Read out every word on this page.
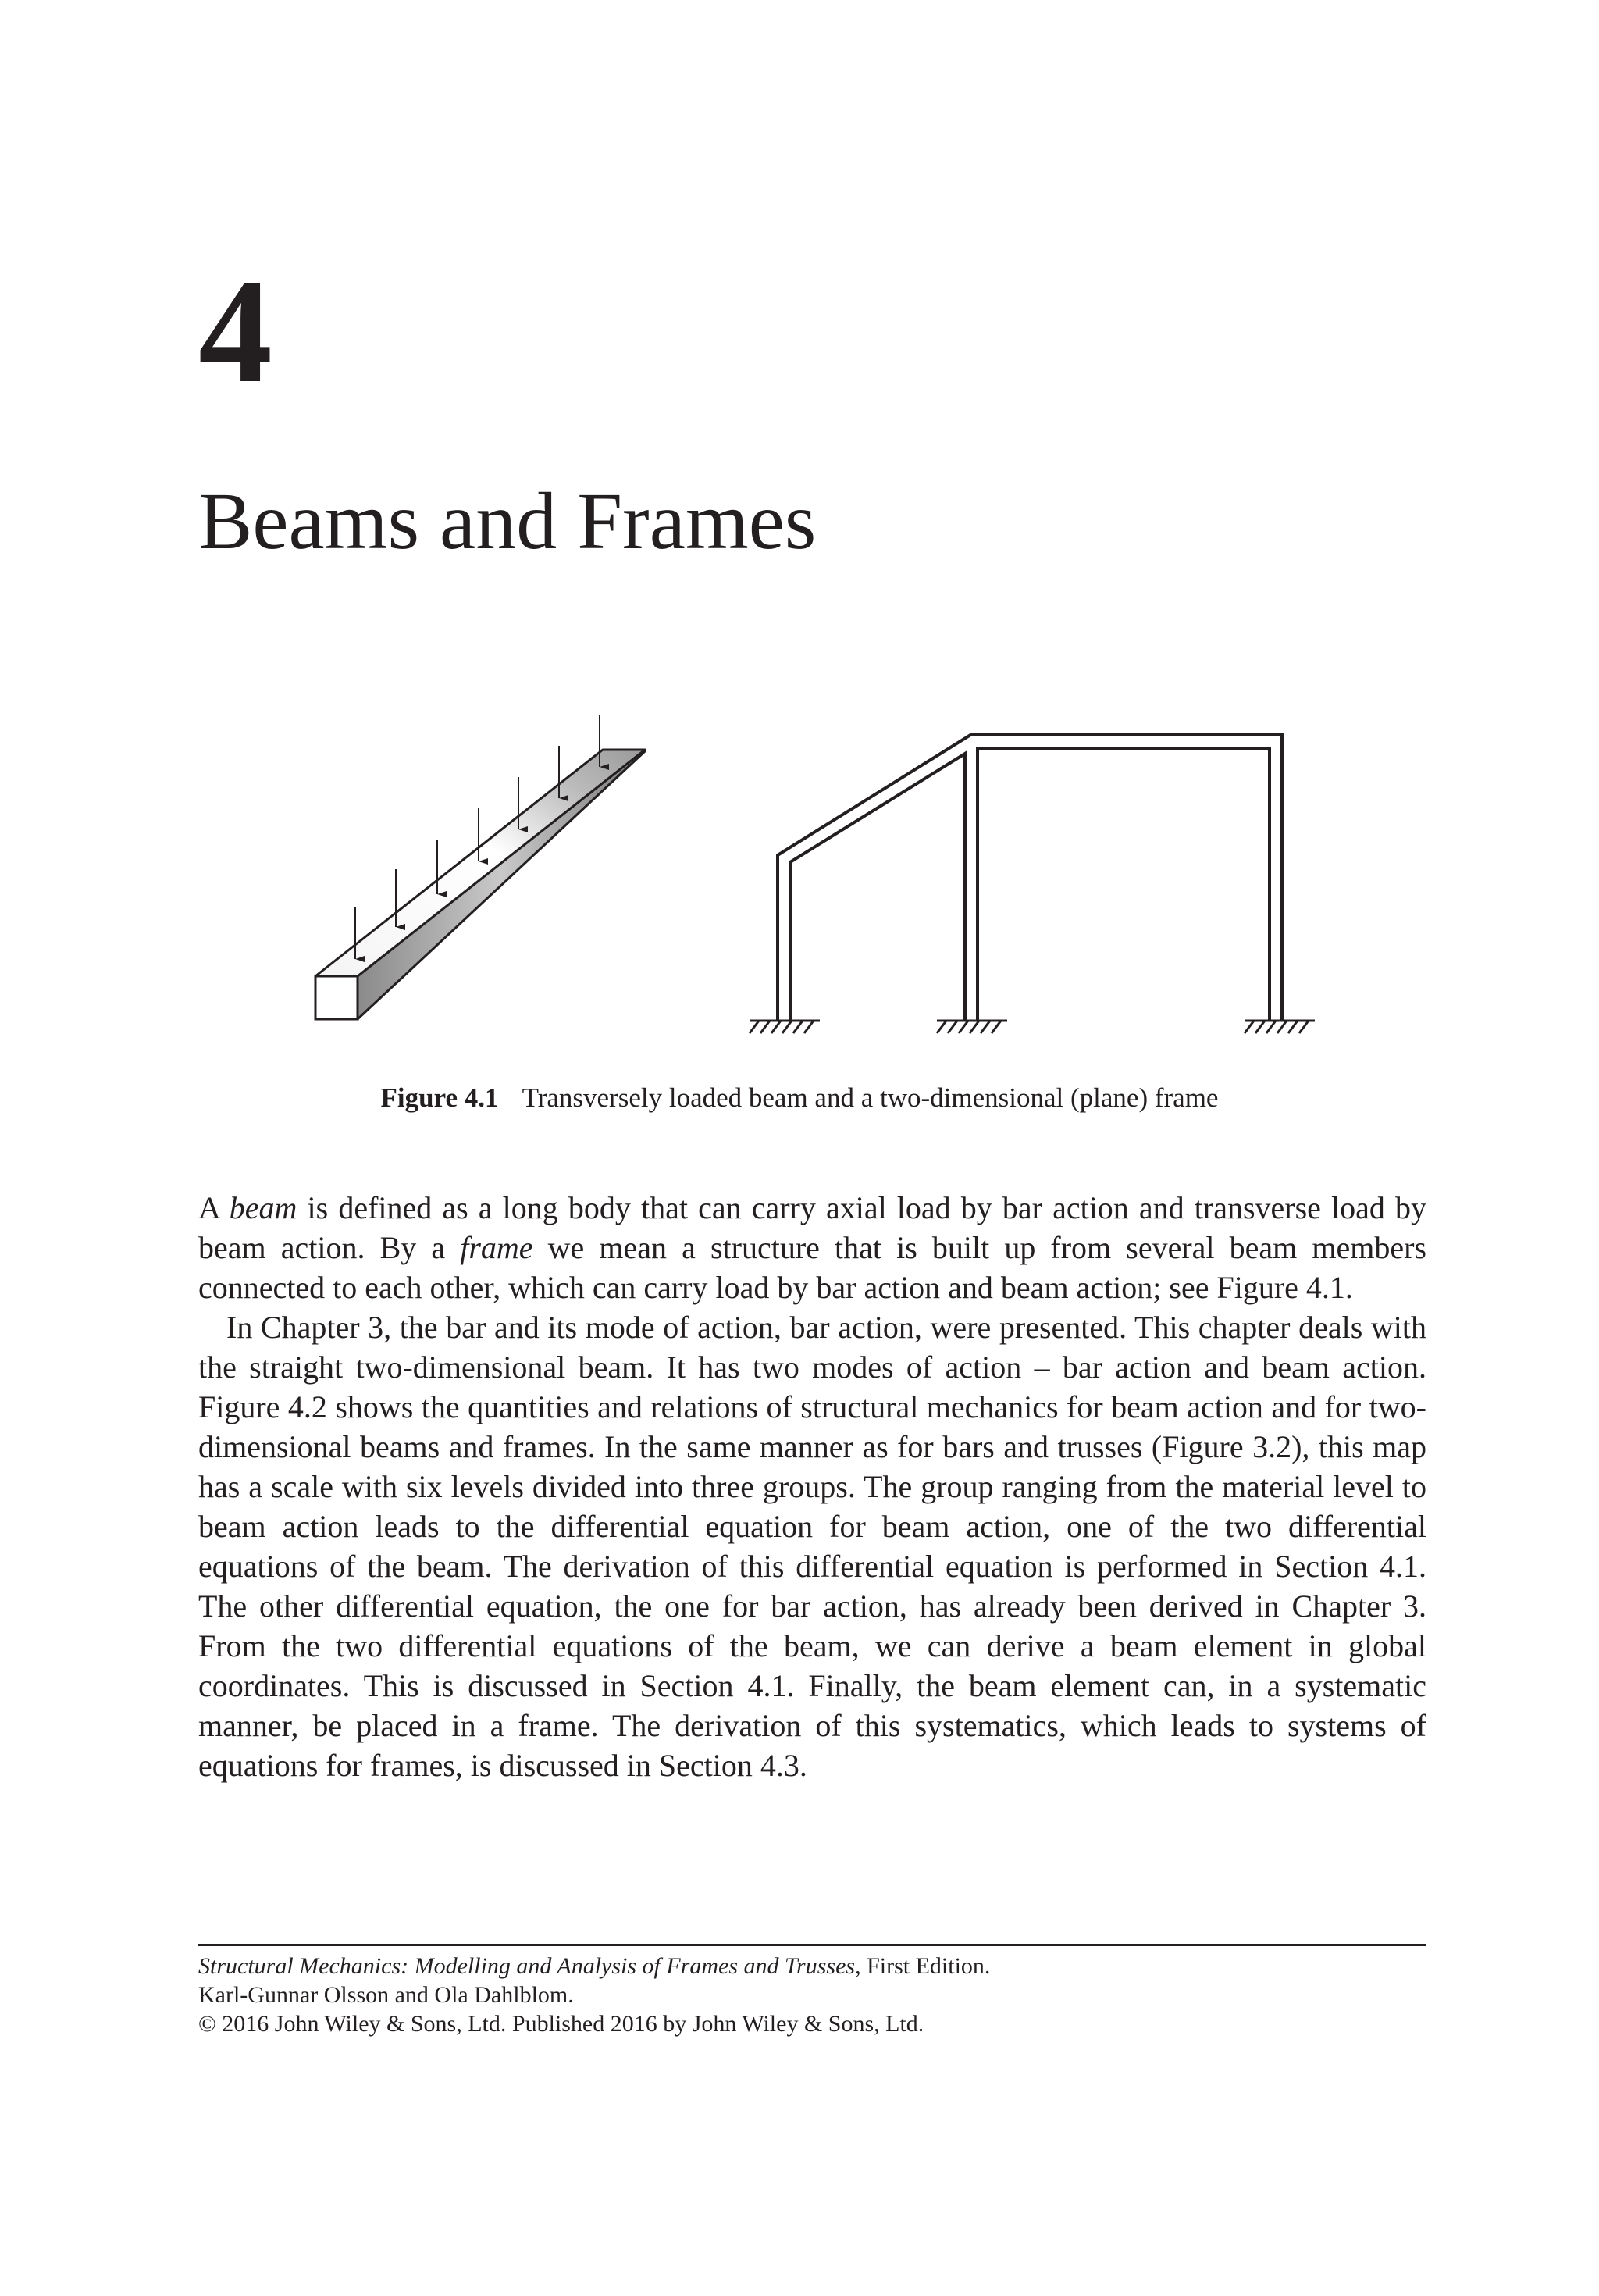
4
Beams and Frames
Figure 4.1 Transversely loaded beam and a two-dimensional (plane) frame

A beam is defined as a long body that can carry axial load by bar action and transverse load by beam action. By a frame we mean a structure that is built up from several beam members connected to each other, which can carry load by bar action and beam action; see Figure 4.1.

In Chapter 3, the bar and its mode of action, bar action, were presented. This chapter deals with the straight two-dimensional beam. It has two modes of action – bar action and beam action. Figure 4.2 shows the quantities and relations of structural mechanics for beam action and for two-dimensional beams and frames. In the same manner as for bars and trusses (Figure 3.2), this map has a scale with six levels divided into three groups. The group ranging from the material level to beam action leads to the differential equation for beam action, one of the two differential equations of the beam. The derivation of this differential equation is performed in Section 4.1. The other differential equation, the one for bar action, has already been derived in Chapter 3. From the two differential equations of the beam, we can derive a beam element in global coordinates. This is discussed in Section 4.1. Finally, the beam element can, in a systematic manner, be placed in a frame. The derivation of this systematics, which leads to systems of equations for frames, is discussed in Section 4.3.

Structural Mechanics: Modelling and Analysis of Frames and Trusses, First Edition.
Karl-Gunnar Olsson and Ola Dahlblom.
© 2016 John Wiley & Sons, Ltd. Published 2016 by John Wiley & Sons, Ltd.
